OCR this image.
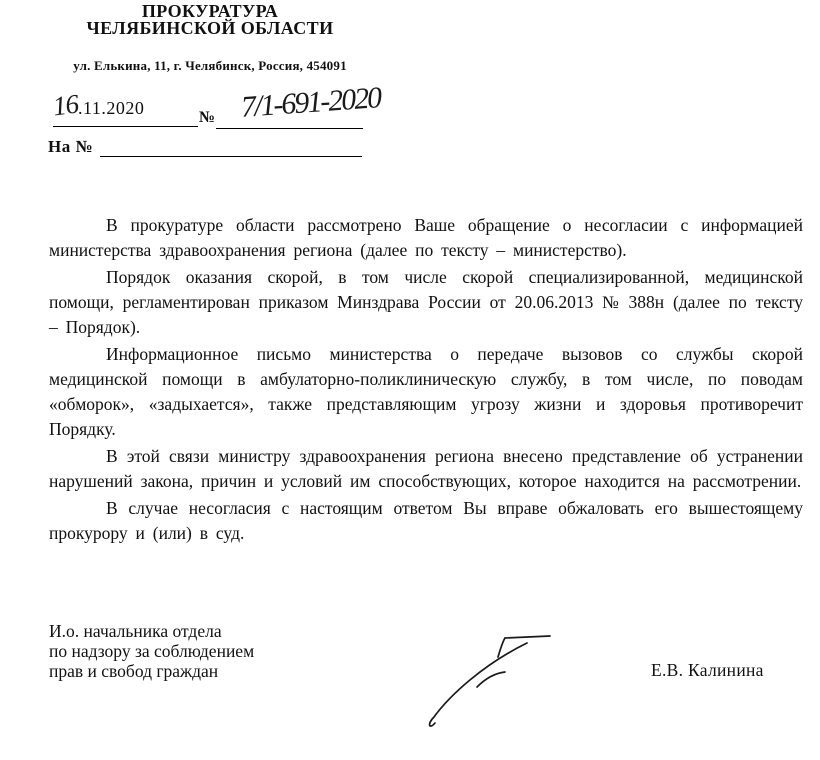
ПРОКУРАТУРА
ЧЕЛЯБИНСКОЙ ОБЛАСТИ
ул. Елькина, 11, г. Челябинск, Россия, 454091
16.11.2020	№ 7/1-691-2020
На №

В прокуратуре области рассмотрено Ваше обращение о несогласии с информацией министерства здравоохранения региона (далее по тексту – министерство).

Порядок оказания скорой, в том числе скорой специализированной, медицинской помощи, регламентирован приказом Минздрава России от 20.06.2013 № 388н (далее по тексту – Порядок).

Информационное письмо министерства о передаче вызовов со службы скорой медицинской помощи в амбулаторно-поликлиническую службу, в том числе, по поводам «обморок», «задыхается», также представляющим угрозу жизни и здоровья противоречит Порядку.

В этой связи министру здравоохранения региона внесено представление об устранении нарушений закона, причин и условий им способствующих, которое находится на рассмотрении.

В случае несогласия с настоящим ответом Вы вправе обжаловать его вышестоящему прокурору и (или) в суд.

И.о. начальника отдела
по надзору за соблюдением
прав и свобод граждан	Е.В. Калинина
